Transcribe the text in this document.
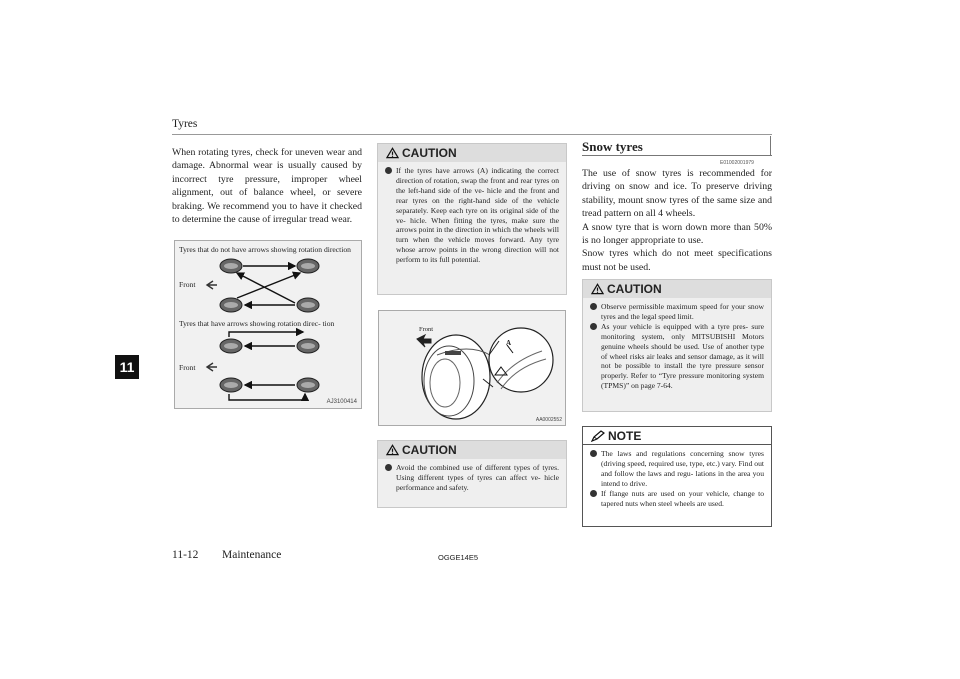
Tyres
11

When rotating tyres, check for uneven wear and damage. Abnormal wear is usually caused by incorrect tyre pressure, improper wheel alignment, out of balance wheel, or severe braking. We recommend you to have it checked to determine the cause of irregular tread wear.

Tyres that do not have arrows showing rotation direction
Front
Tyres that have arrows showing rotation direc- tion
Front
AJ3100414
CAUTION
If the tyres have arrows (A) indicating the correct direction of rotation, swap the front and rear tyres on the left-hand side of the ve- hicle and the front and rear tyres on the right-hand side of the vehicle separately. Keep each tyre on its original side of the ve- hicle. When fitting the tyres, make sure the arrows point in the direction in which the wheels will turn when the vehicle moves forward. Any tyre whose arrow points in the wrong direction will not perform to its full potential.
Front
A
AA0002552
CAUTION
Avoid the combined use of different types of tyres. Using different types of tyres can affect ve- hicle performance and safety.
Snow tyres
E01002001979

The use of snow tyres is recommended for driving on snow and ice. To preserve driving stability, mount snow tyres of the same size and tread pattern on all 4 wheels.

A snow tyre that is worn down more than 50% is no longer appropriate to use.

Snow tyres which do not meet specifications must not be used.

CAUTION
Observe permissible maximum speed for your snow tyres and the legal speed limit.
As your vehicle is equipped with a tyre pres- sure monitoring system, only MITSUBISHI Motors genuine wheels should be used. Use of another type of wheel risks air leaks and sensor damage, as it will not be possible to install the tyre pressure sensor properly. Refer to “Tyre pressure monitoring system (TPMS)” on page 7-64.
NOTE
The laws and regulations concerning snow tyres (driving speed, required use, type, etc.) vary. Find out and follow the laws and regu- lations in the area you intend to drive.
If flange nuts are used on your vehicle, change to tapered nuts when steel wheels are used.
11-12 Maintenance	OGGE14E5
